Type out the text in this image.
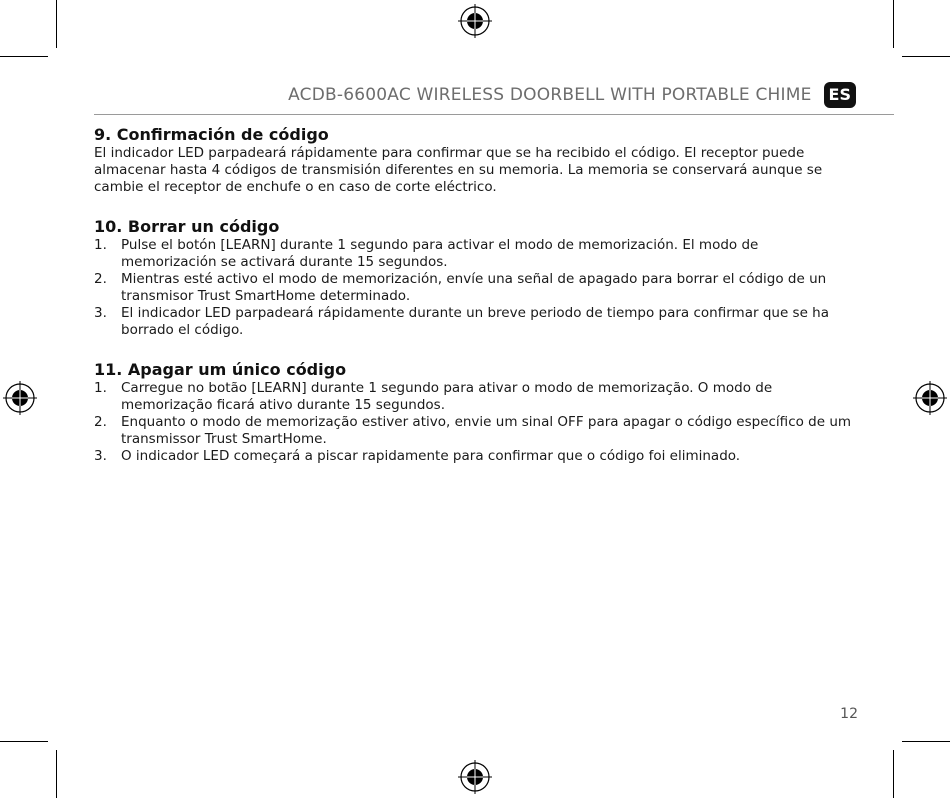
ACDB-6600AC WIRELESS DOORBELL WITH PORTABLE CHIME	ES
9. Confirmación de código

El indicador LED parpadeará rápidamente para confirmar que se ha recibido el código. El receptor puede almacenar hasta 4 códigos de transmisión diferentes en su memoria. La memoria se conservará aunque se cambie el receptor de enchufe o en caso de corte eléctrico.

10. Borrar un código
1.	Pulse el botón [LEARN] durante 1 segundo para activar el modo de memorización. El modo de memorización se activará durante 15 segundos.
2.	Mientras esté activo el modo de memorización, envíe una señal de apagado para borrar el código de un transmisor Trust SmartHome determinado.
3.	El indicador LED parpadeará rápidamente durante un breve periodo de tiempo para confirmar que se ha borrado el código.
11. Apagar um único código
1.	Carregue no botão [LEARN] durante 1 segundo para ativar o modo de memorização. O modo de memorização ficará ativo durante 15 segundos.
2.	Enquanto o modo de memorização estiver ativo, envie um sinal OFF para apagar o código específico de um transmissor Trust SmartHome.
3.	O indicador LED começará a piscar rapidamente para confirmar que o código foi eliminado.
12
